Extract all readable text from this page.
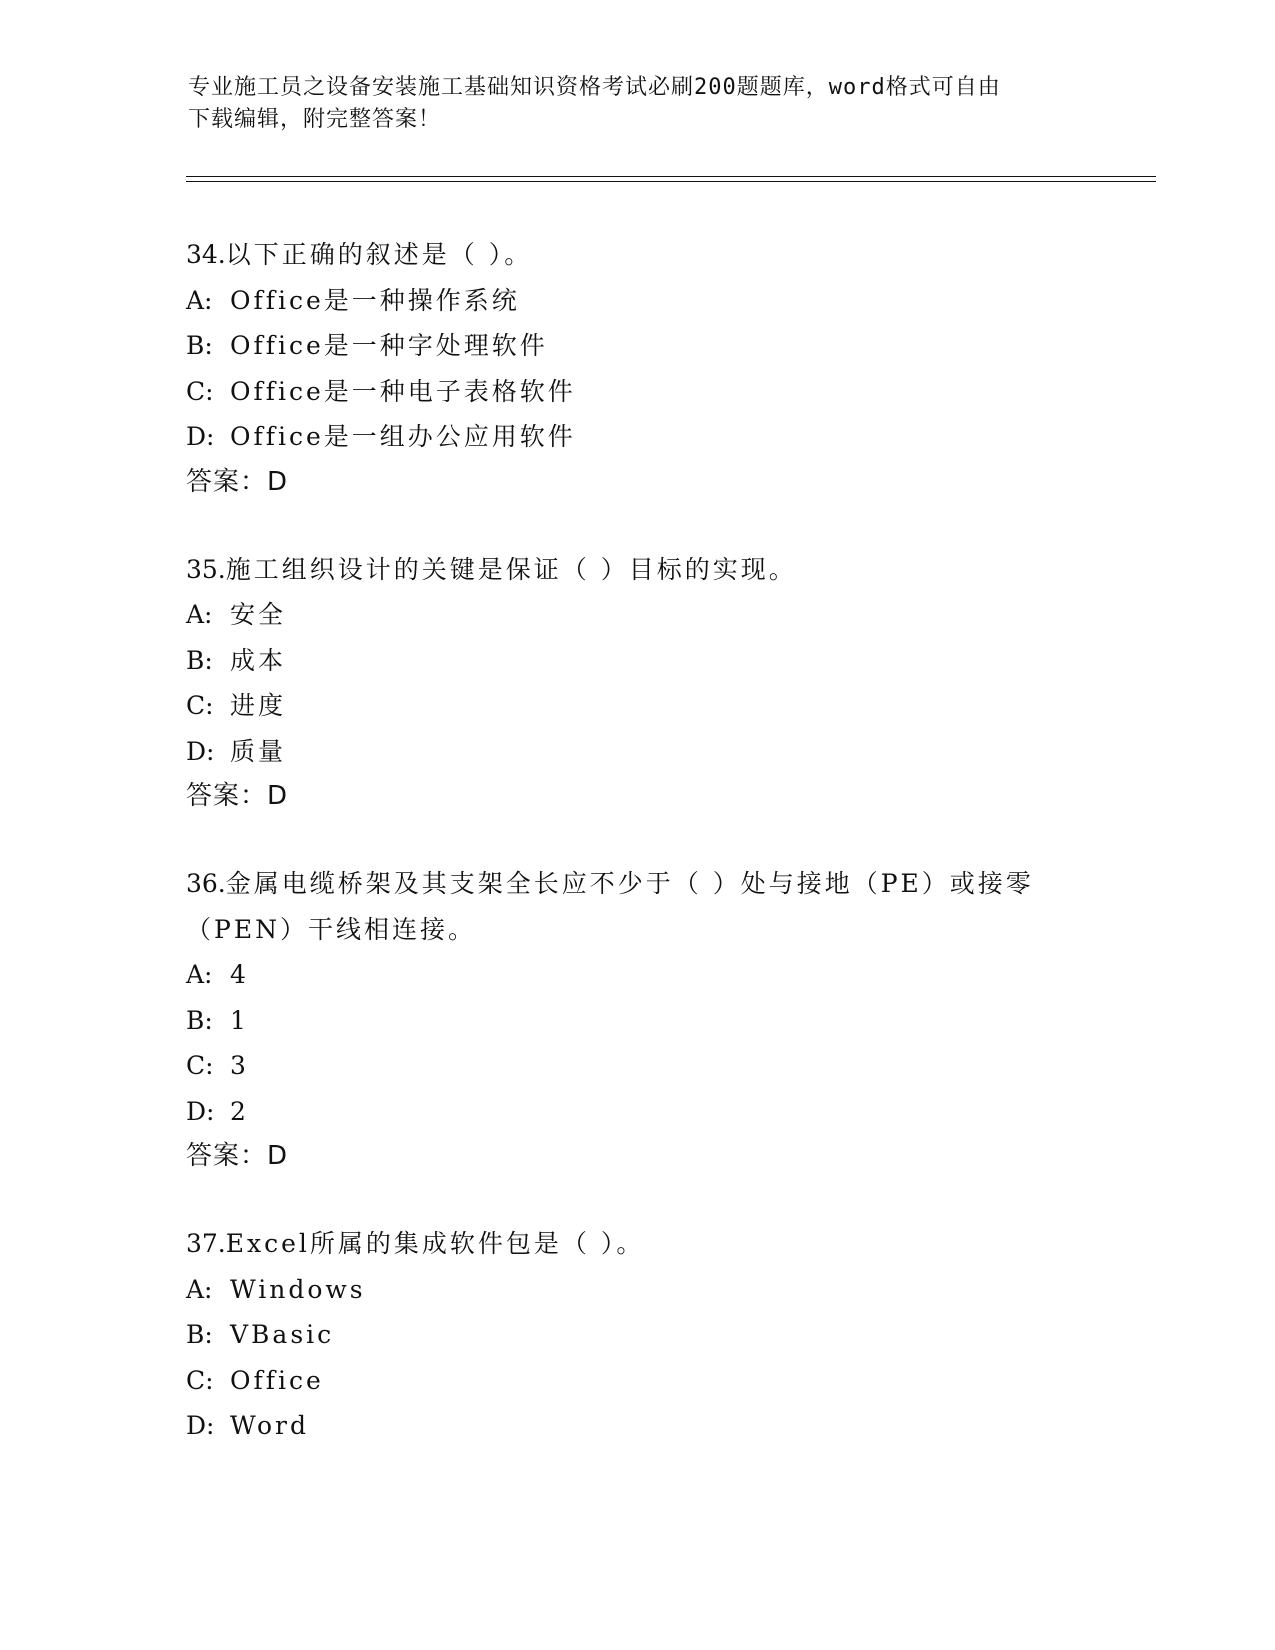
专业施工员之设备安装施工基础知识资格考试必刷200题题库，word格式可自由
下载编辑，附完整答案！

34.以下正确的叙述是（ ）。

A: Office是一种操作系统

B: Office是一种字处理软件

C: Office是一种电子表格软件

D: Office是一组办公应用软件

答案：D

35.施工组织设计的关键是保证（ ）目标的实现。

A: 安全

B: 成本

C: 进度

D: 质量

答案：D

36.金属电缆桥架及其支架全长应不少于（ ）处与接地（PE）或接零（PEN）干线相连接。

A: 4

B: 1

C: 3

D: 2

答案：D

37.Excel所属的集成软件包是（ ）。

A: Windows

B: VBasic

C: Office

D: Word
